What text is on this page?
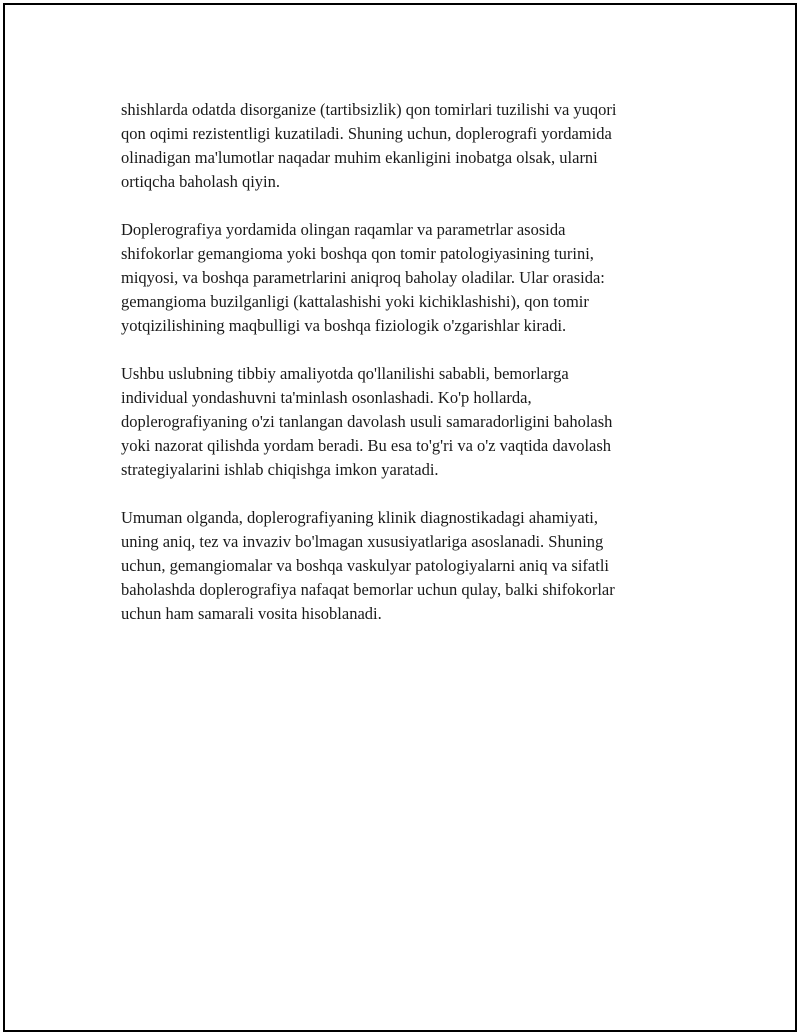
shishlarda odatda disorganize (tartibsizlik) qon tomirlari tuzilishi va yuqori
qon oqimi rezistentligi kuzatiladi. Shuning uchun, doplerografi yordamida
olinadigan ma'lumotlar naqadar muhim ekanligini inobatga olsak, ularni
ortiqcha baholash qiyin.

Doplerografiya yordamida olingan raqamlar va parametrlar asosida
shifokorlar gemangioma yoki boshqa qon tomir patologiyasining turini,
miqyosi, va boshqa parametrlarini aniqroq baholay oladilar. Ular orasida:
gemangioma buzilganligi (kattalashishi yoki kichiklashishi), qon tomir
yotqizilishining maqbulligi va boshqa fiziologik o'zgarishlar kiradi.

Ushbu uslubning tibbiy amaliyotda qo'llanilishi sababli, bemorlarga
individual yondashuvni ta'minlash osonlashadi. Ko'p hollarda,
doplerografiyaning o'zi tanlangan davolash usuli samaradorligini baholash
yoki nazorat qilishda yordam beradi. Bu esa to'g'ri va o'z vaqtida davolash
strategiyalarini ishlab chiqishga imkon yaratadi.

Umuman olganda, doplerografiyaning klinik diagnostikadagi ahamiyati,
uning aniq, tez va invaziv bo'lmagan xususiyatlariga asoslanadi. Shuning
uchun, gemangiomalar va boshqa vaskulyar patologiyalarni aniq va sifatli
baholashda doplerografiya nafaqat bemorlar uchun qulay, balki shifokorlar
uchun ham samarali vosita hisoblanadi.
